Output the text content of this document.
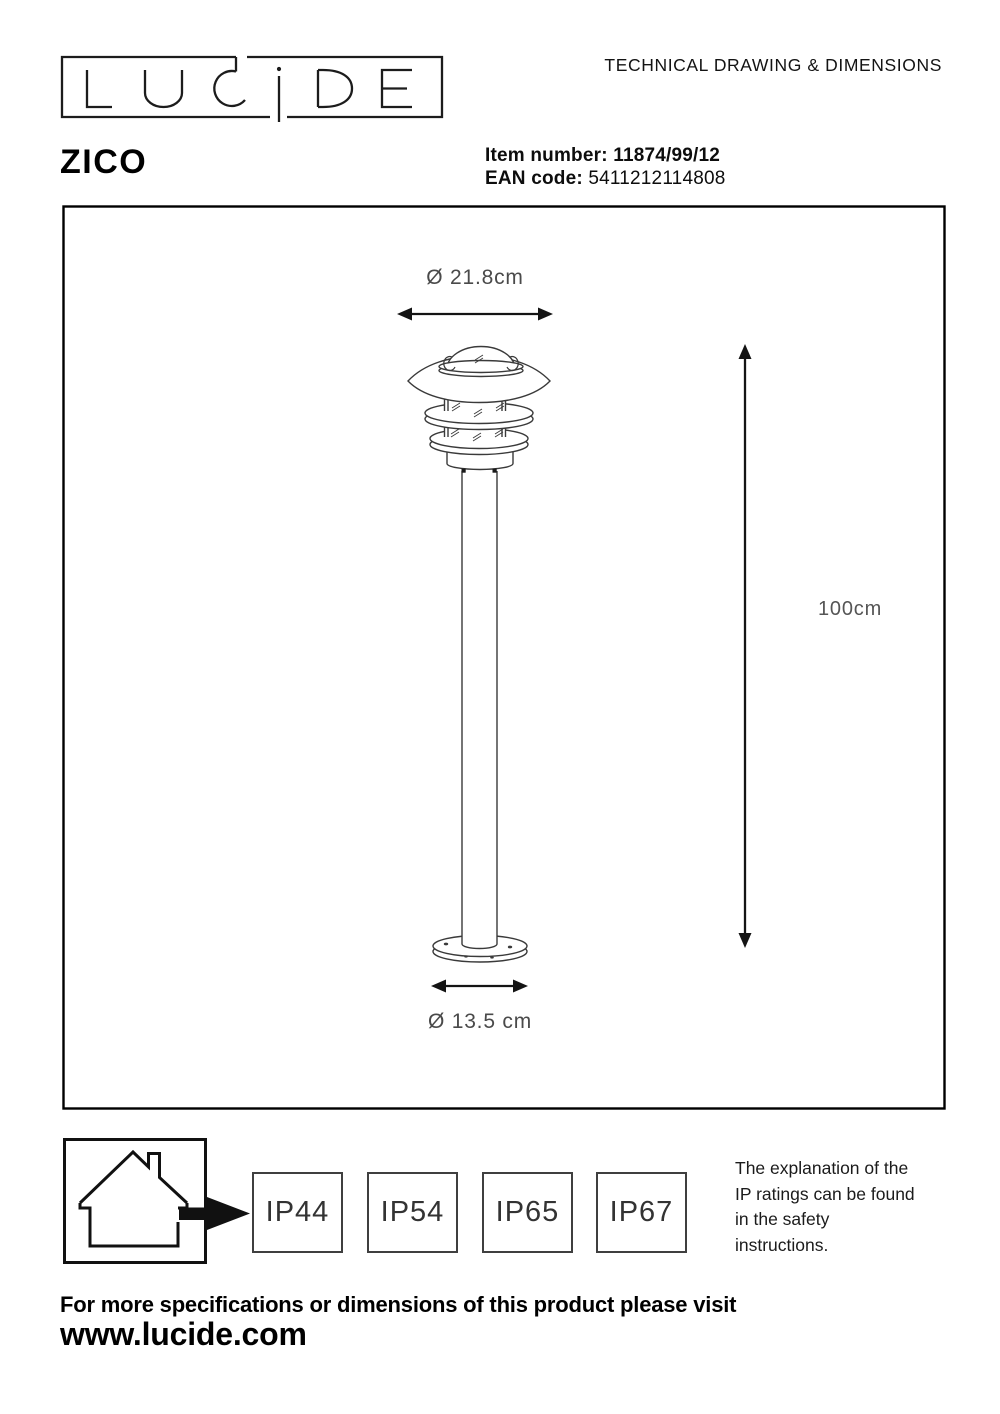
TECHNICAL DRAWING & DIMENSIONS
ZICO	Item number: 11874/99/12
EAN code: 5411212114808
Ø 21.8cm
100cm
Ø 13.5 cm
IP44 IP54 IP65 IP67
The explanation of the
IP ratings can be found
in the safety
instructions.
For more specifications or dimensions of this product please visit
www.lucide.com
